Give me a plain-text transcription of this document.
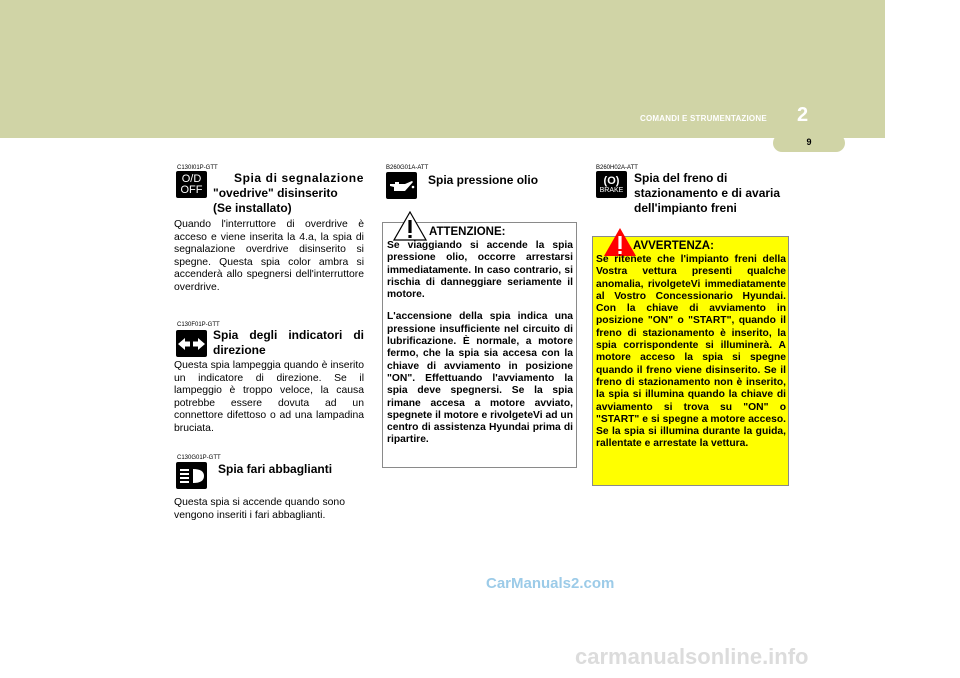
COMANDI E STRUMENTAZIONE 2
9
C130I01P-GTT
O/D
OFF
Spia di segnalazione
"ovedrive" disinserito
(Se installato)
Quando l'interruttore di overdrive è acceso e viene inserita la 4.a, la spia di segnalazione overdrive disinserito si spegne. Questa spia color ambra si accenderà allo spegnersi dell'interruttore overdrive.
C130F01P-GTT
Spia degli indicatori di
direzione
Questa spia lampeggia quando è inserito un indicatore di direzione. Se il lampeggio è troppo veloce, la causa potrebbe essere dovuta ad un connettore difettoso o ad una lampadina bruciata.
C130G01P-GTT
Spia fari abbaglianti
Questa spia si accende quando sono vengono inseriti i fari abbaglianti.
B260G01A-ATT
Spia pressione olio
ATTENZIONE:
Se viaggiando si accende la spia pressione olio, occorre arrestarsi immediatamente. In caso contrario, si rischia di danneggiare seriamente il motore.
L'accensione della spia indica una pressione insufficiente nel circuito di lubrificazione. È normale, a motore fermo, che la spia sia accesa con la chiave di avviamento in posizione "ON". Effettuando l'avviamento la spia deve spegnersi. Se la spia rimane accesa a motore avviato, spegnete il motore e rivolgeteVi ad un centro di assistenza Hyundai prima di ripartire.
B260H02A-ATT
(O)
BRAKE
Spia del freno di
stazionamento e di avaria
dell'impianto freni
AVVERTENZA:
Se ritenete che l'impianto freni della Vostra vettura presenti qualche anomalia, rivolgeteVi immediatamente al Vostro Concessionario Hyundai. Con la chiave di avviamento in posizione "ON" o "START", quando il freno di stazionamento è inserito, la spia corrispondente si illuminerà. A motore acceso la spia si spegne quando il freno viene disinserito. Se il freno di stazionamento non è inserito, la spia si illumina quando la chiave di avviamento si trova su "ON" o "START" e si spegne a motore acceso. Se la spia si illumina durante la guida, rallentate e arrestate la vettura.
CarManuals2.com
carmanualsonline.info
